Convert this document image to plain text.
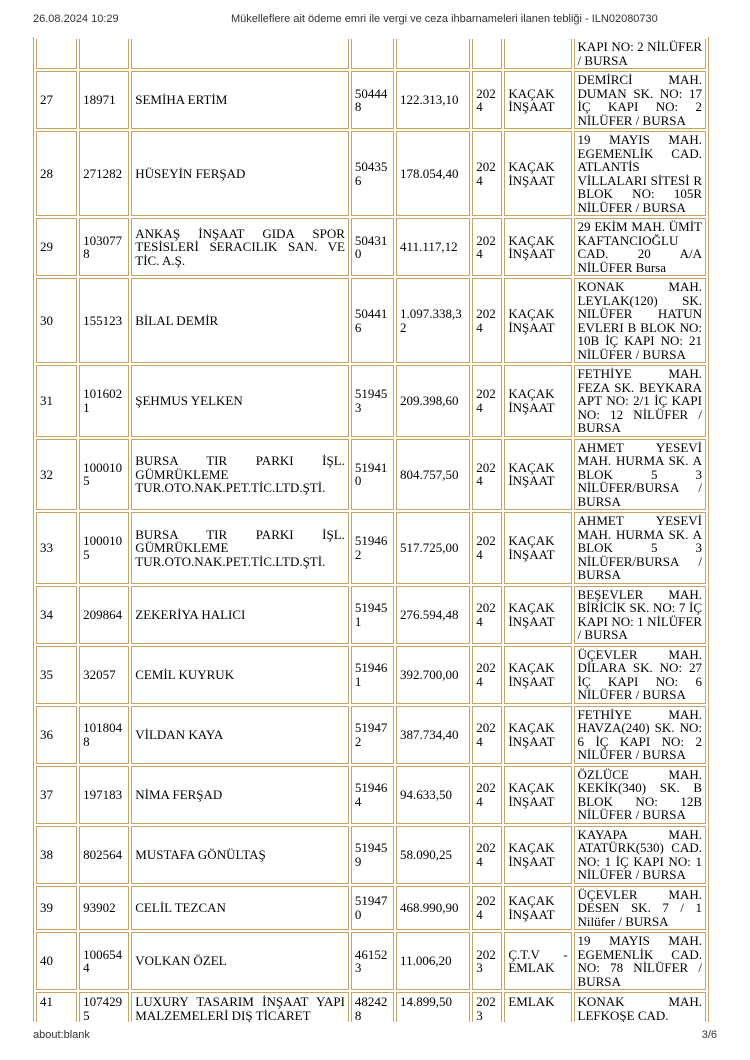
26.08.2024 10:29	Mükelleflere ait ödeme emri ile vergi ve ceza ihbarnameleri ilanen tebliği - ILN02080730
							KAPI NO: 2 NİLÜFER / BURSA
27	18971	SEMİHA ERTİM	504448	122.313,10	2024	KAÇAK İNŞAAT	DEMİRCİ MAH. DUMAN SK. NO: 17 İÇ KAPI NO: 2 NİLÜFER / BURSA
28	271282	HÜSEYİN FERŞAD	504356	178.054,40	2024	KAÇAK İNŞAAT	19 MAYIS MAH. EGEMENLİK CAD. ATLANTİS VİLLALARI SİTESİ R BLOK NO: 105R NİLÜFER / BURSA
29	1030778	ANKAŞ İNŞAAT GIDA SPOR TESİSLERİ SERACILIK SAN. VE TİC. A.Ş.	504310	411.117,12	2024	KAÇAK İNŞAAT	29 EKİM MAH. ÜMİT KAFTANCIOĞLU CAD. 20 A/A NİLÜFER Bursa
30	155123	BİLAL DEMİR	504416	1.097.338,32	2024	KAÇAK İNŞAAT	KONAK MAH. LEYLAK(120) SK. NILÜFER HATUN EVLERI B BLOK NO: 10B İÇ KAPI NO: 21 NİLÜFER / BURSA
31	1016021	ŞEHMUS YELKEN	519453	209.398,60	2024	KAÇAK İNŞAAT	FETHİYE MAH. FEZA SK. BEYKARA APT NO: 2/1 İÇ KAPI NO: 12 NİLÜFER / BURSA
32	1000105	BURSA TIR PARKI İŞL. GÜMRÜKLEME TUR.OTO.NAK.PET.TİC.LTD.ŞTİ.	519410	804.757,50	2024	KAÇAK İNŞAAT	AHMET YESEVİ MAH. HURMA SK. A BLOK 5 3 NİLÜFER/BURSA / BURSA
33	1000105	BURSA TIR PARKI İŞL. GÜMRÜKLEME TUR.OTO.NAK.PET.TİC.LTD.ŞTİ.	519462	517.725,00	2024	KAÇAK İNŞAAT	AHMET YESEVİ MAH. HURMA SK. A BLOK 5 3 NİLÜFER/BURSA / BURSA
34	209864	ZEKERİYA HALICI	519451	276.594,48	2024	KAÇAK İNŞAAT	BEŞEVLER MAH. BİRİCİK SK. NO: 7 İÇ KAPI NO: 1 NİLÜFER / BURSA
35	32057	CEMİL KUYRUK	519461	392.700,00	2024	KAÇAK İNŞAAT	ÜÇEVLER MAH. DİLARA SK. NO: 27 İÇ KAPI NO: 6 NİLÜFER / BURSA
36	1018048	VİLDAN KAYA	519472	387.734,40	2024	KAÇAK İNŞAAT	FETHİYE MAH. HAVZA(240) SK. NO: 6 İÇ KAPI NO: 2 NİLÜFER / BURSA
37	197183	NİMA FERŞAD	519464	94.633,50	2024	KAÇAK İNŞAAT	ÖZLÜCE MAH. KEKİK(340) SK. B BLOK NO: 12B NİLÜFER / BURSA
38	802564	MUSTAFA GÖNÜLTAŞ	519459	58.090,25	2024	KAÇAK İNŞAAT	KAYAPA MAH. ATATÜRK(530) CAD. NO: 1 İÇ KAPI NO: 1 NİLÜFER / BURSA
39	93902	CELİL TEZCAN	519470	468.990,90	2024	KAÇAK İNŞAAT	ÜÇEVLER MAH. DESEN SK. 7 / 1 Nilüfer / BURSA
40	1006544	VOLKAN ÖZEL	461523	11.006,20	2023	Ç.T.V - EMLAK	19 MAYIS MAH. EGEMENLİK CAD. NO: 78 NİLÜFER / BURSA
41	1074295	LUXURY TASARIM İNŞAAT YAPI MALZEMELERİ DIŞ TİCARET	482428	14.899,50	2023	EMLAK	KONAK MAH. LEFKOŞE CAD.
about:blank	3/6
